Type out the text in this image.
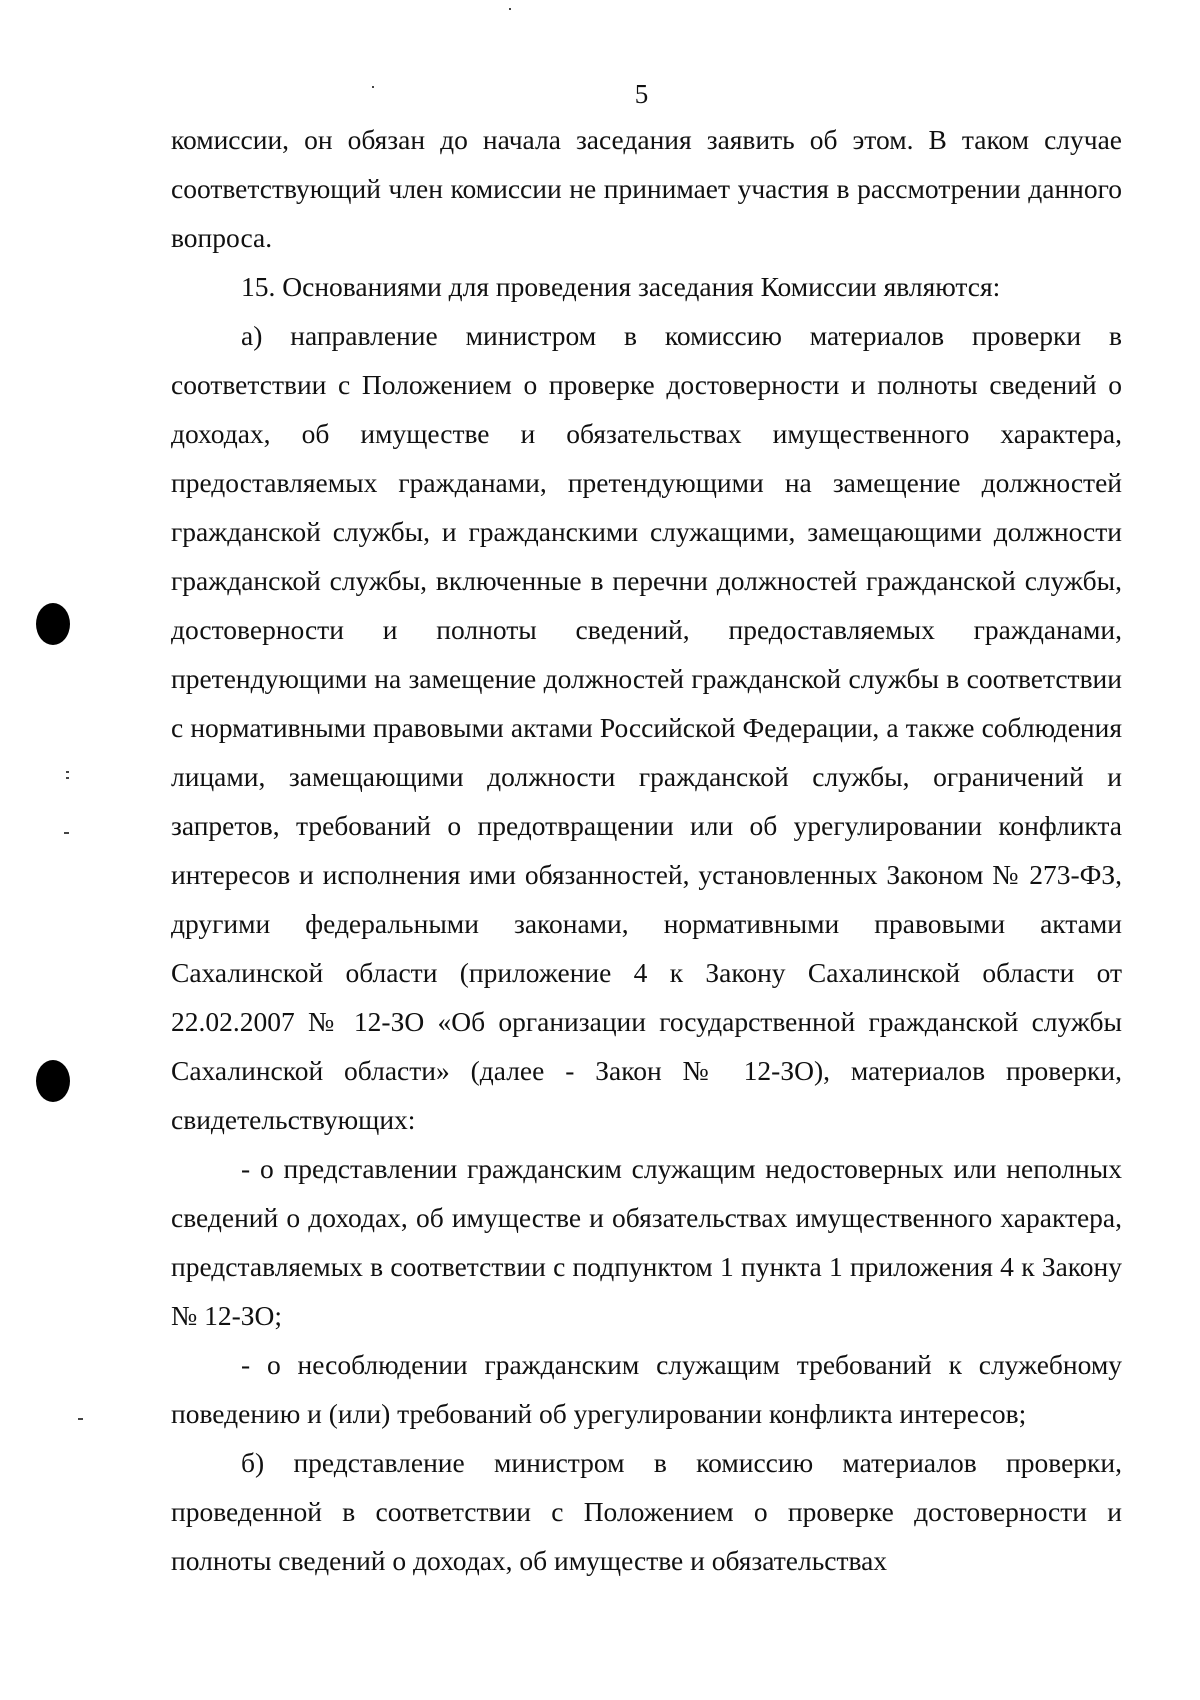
5

комиссии, он обязан до начала заседания заявить об этом. В таком случае соответствующий член комиссии не принимает участия в рассмотрении данного вопроса.

15. Основаниями для проведения заседания Комиссии являются:

а) направление министром в комиссию материалов проверки в соответствии с Положением о проверке достоверности и полноты сведений о доходах, об имуществе и обязательствах имущественного характера, предоставляемых гражданами, претендующими на замещение должностей гражданской службы, и гражданскими служащими, замещающими должности гражданской службы, включенные в перечни должностей гражданской службы, достоверности и полноты сведений, предоставляемых гражданами, претендующими на замещение должностей гражданской службы в соответствии с нормативными правовыми актами Российской Федерации, а также соблюдения лицами, замещающими должности гражданской службы, ограничений и запретов, требований о предотвращении или об урегулировании конфликта интересов и исполнения ими обязанностей, установленных Законом № 273-ФЗ, другими федеральными законами, нормативными правовыми актами Сахалинской области (приложение 4 к Закону Сахалинской области от 22.02.2007 № 12-ЗО «Об организации государственной гражданской службы Сахалинской области» (далее - Закон № 12-ЗО), материалов проверки, свидетельствующих:

- о представлении гражданским служащим недостоверных или неполных сведений о доходах, об имуществе и обязательствах имущественного характера, представляемых в соответствии с подпунктом 1 пункта 1 приложения 4 к Закону № 12-ЗО;

- о несоблюдении гражданским служащим требований к служебному поведению и (или) требований об урегулировании конфликта интересов;

б) представление министром в комиссию материалов проверки, проведенной в соответствии с Положением о проверке достоверности и полноты сведений о доходах, об имуществе и обязательствах
